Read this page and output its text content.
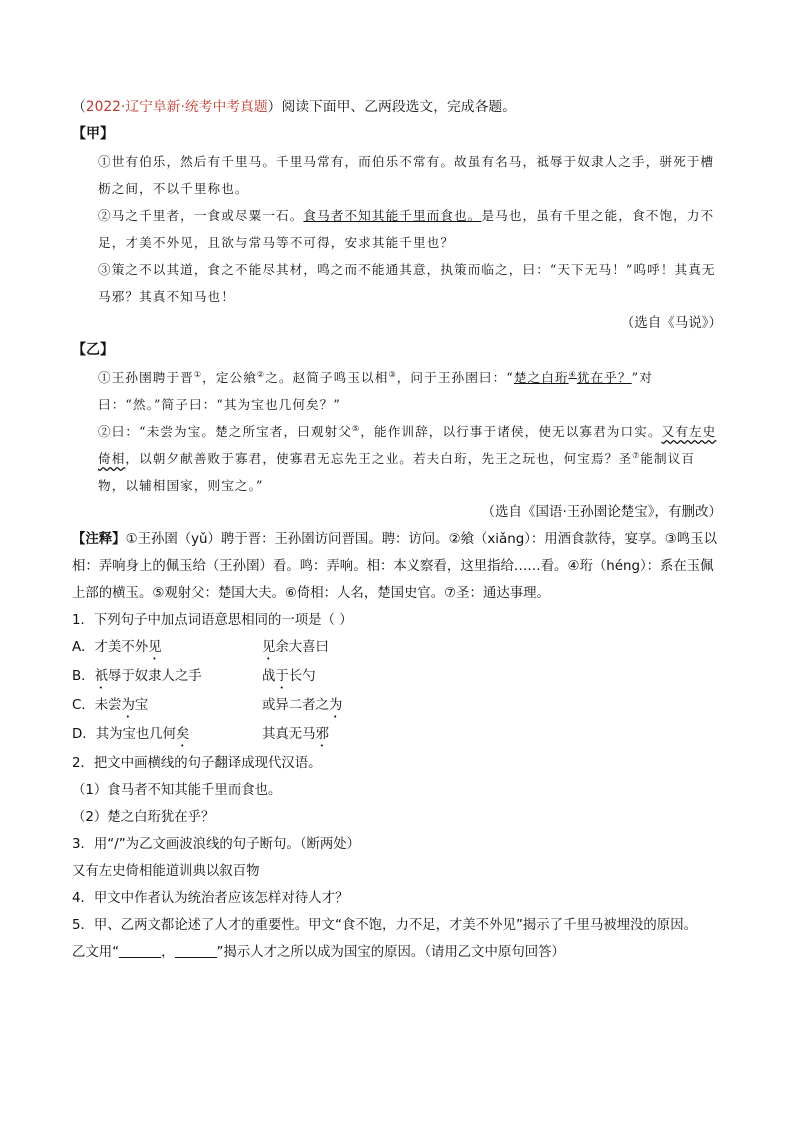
（2022·辽宁阜新·统考中考真题）阅读下面甲、乙两段选文，完成各题。
【甲】
①世有伯乐，然后有千里马。千里马常有，而伯乐不常有。故虽有名马，祗辱于奴隶人之手，骈死于槽枥之间，不以千里称也。
②马之千里者，一食或尽粟一石。食马者不知其能千里而食也。是马也，虽有千里之能，食不饱，力不足，才美不外见，且欲与常马等不可得，安求其能千里也？
③策之不以其道，食之不能尽其材，鸣之而不能通其意，执策而临之，曰：“天下无马！”呜呼！其真无马邪？其真不知马也！
（选自《马说》）
【乙】
①王孙圉聘于晋①，定公飨②之。赵简子鸣玉以相③，问于王孙圉曰：“楚之白珩④犹在乎？”对曰：“然。”简子曰：“其为宝也几何矣？”
②曰：“未尝为宝。楚之所宝者，曰观射父⑤，能作训辞，以行事于诸侯，使无以寡君为口实。又有左史倚相，以朝夕献善败于寡君，使寡君无忘先王之业。若夫白珩，先王之玩也，何宝焉？圣⑦能制议百物，以辅相国家，则宝之。”
（选自《国语·王孙圉论楚宝》，有删改）
【注释】①王孙圉（yǔ）聘于晋：王孙圉访问晋国。聘：访问。②飨（xiǎng）：用酒食款待，宴享。③鸣玉以相：弄响身上的佩玉给（王孙圉）看。鸣：弄响。相：本义察看，这里指给……看。④珩（héng）：系在玉佩上部的横玉。⑤观射父：楚国大夫。⑥倚相：人名，楚国史官。⑦圣：通达事理。
1．下列句子中加点词语意思相同的一项是（ ）
A．才美不外见	见余大喜曰
B．祇辱于奴隶人之手	战于长勺
C．未尝为宝	或异二者之为
D．其为宝也几何矣	其真无马邪
2．把文中画横线的句子翻译成现代汉语。
（1）食马者不知其能千里而食也。
（2）楚之白珩犹在乎？
3．用“/”为乙文画波浪线的句子断句。（断两处）
又有左史倚相能道训典以叙百物
4．甲文中作者认为统治者应该怎样对待人才？
5．甲、乙两文都论述了人才的重要性。甲文“食不饱，力不足，才美不外见”揭示了千里马被埋没的原因。
乙文用“	，	”揭示人才之所以成为国宝的原因。（请用乙文中原句回答）
